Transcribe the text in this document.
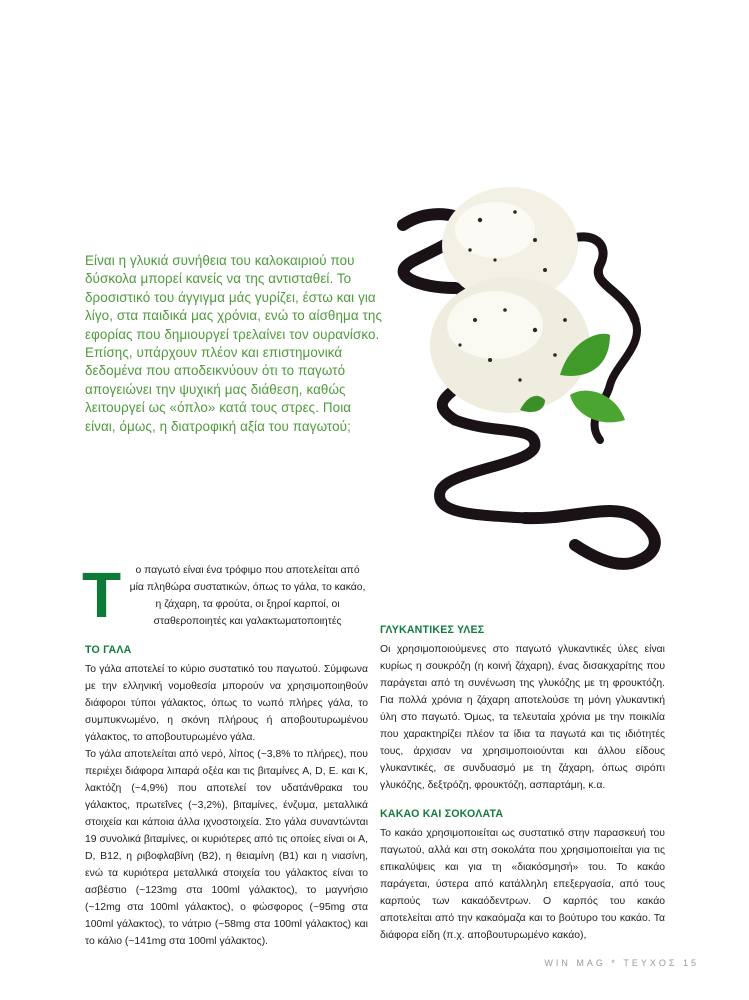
Είναι η γλυκιά συνήθεια του καλοκαιριού που δύσκολα μπορεί κανείς να της αντισταθεί. Το δροσιστικό του άγγιγμα μάς γυρίζει, έστω και για λίγο, στα παιδικά μας χρόνια, ενώ το αίσθημα της εφορίας που δημιουργεί τρελαίνει τον ουρανίσκο. Επίσης, υπάρχουν πλέον και επιστημονικά δεδομένα που αποδεικνύουν ότι το παγωτό απογειώνει την ψυχική μας διάθεση, καθώς λειτουργεί ως «όπλο» κατά τους στρες. Ποια είναι, όμως, η διατροφική αξία του παγωτού;
Τ	ο παγωτό είναι ένα τρόφιμο που αποτελείται από μία πληθώρα συστατικών, όπως το γάλα, το κακάο, η ζάχαρη, τα φρούτα, οι ξηροί καρποί, οι σταθεροποιητές και γαλακτωματοποιητές
ΤΟ ΓΑΛΑ

Το γάλα αποτελεί το κύριο συστατικό του παγωτού. Σύμφωνα με την ελληνική νομοθεσία μπορούν να χρησιμοποιηθούν διάφοροι τύποι γάλακτος, όπως το νωπό πλήρες γάλα, το συμπυκνωμένο, η σκόνη πλήρους ή αποβουτυρωμένου γάλακτος, το αποβουτυρωμένο γάλα.

Το γάλα αποτελείται από νερό, λίπος (~3,8% το πλήρες), που περιέχει διάφορα λιπαρά οξέα και τις βιταμίνες A, D, E. και K, λακτόζη (~4,9%) που αποτελεί τον υδατάνθρακα του γάλακτος, πρωτεΐνες (~3,2%), βιταμίνες, ένζυμα, μεταλλικά στοιχεία και κάποια άλλα ιχνοστοιχεία. Στο γάλα συναντώνται 19 συνολικά βιταμίνες, οι κυριότερες από τις οποίες είναι οι A, D, B12, η ριβοφλαβίνη (B2), η θειαμίνη (B1) και η νιασίνη, ενώ τα κυριότερα μεταλλικά στοιχεία του γάλακτος είναι το ασβέστιο (~123mg στα 100ml γάλακτος), το μαγνήσιο (~12mg στα 100ml γάλακτος), ο φώσφορος (~95mg στα 100ml γάλακτος), το νάτριο (~58mg στα 100ml γάλακτος) και το κάλιο (~141mg στα 100ml γάλακτος).

ΓΛΥΚΑΝΤΙΚΕΣ ΥΛΕΣ

Οι χρησιμοποιούμενες στο παγωτό γλυκαντικές ύλες είναι κυρίως η σουκρόζη (η κοινή ζάχαρη), ένας δισακχαρίτης που παράγεται από τη συνένωση της γλυκόζης με τη φρουκτόζη. Για πολλά χρόνια η ζάχαρη αποτελούσε τη μόνη γλυκαντική ύλη στο παγωτό. Όμως, τα τελευταία χρόνια με την ποικιλία που χαρακτηρίζει πλέον τα ίδια τα παγωτά και τις ιδιότητές τους, άρχισαν να χρησιμοποιούνται και άλλου είδους γλυκαντικές, σε συνδυασμό με τη ζάχαρη, όπως σιρόπι γλυκόζης, δεξτρόζη, φρουκτόζη, ασπαρτάμη, κ.α.

ΚΑΚΑΟ ΚΑΙ ΣΟΚΟΛΑΤΑ

Το κακάο χρησιμοποιείται ως συστατικό στην παρασκευή του παγωτού, αλλά και στη σοκολάτα που χρησιμοποιείται για τις επικαλύψεις και για τη «διακόσμησή» του. Το κακάο παράγεται, ύστερα από κατάλληλη επεξεργασία, από τους καρπούς των κακαόδεντρων. Ο καρπός του κακάο αποτελείται από την κακαόμαζα και το βούτυρο του κακάο. Τα διάφορα είδη (π.χ. αποβουτυρωμένο κακάο),

WIN MAG * ΤΕΥΧΟΣ 15
